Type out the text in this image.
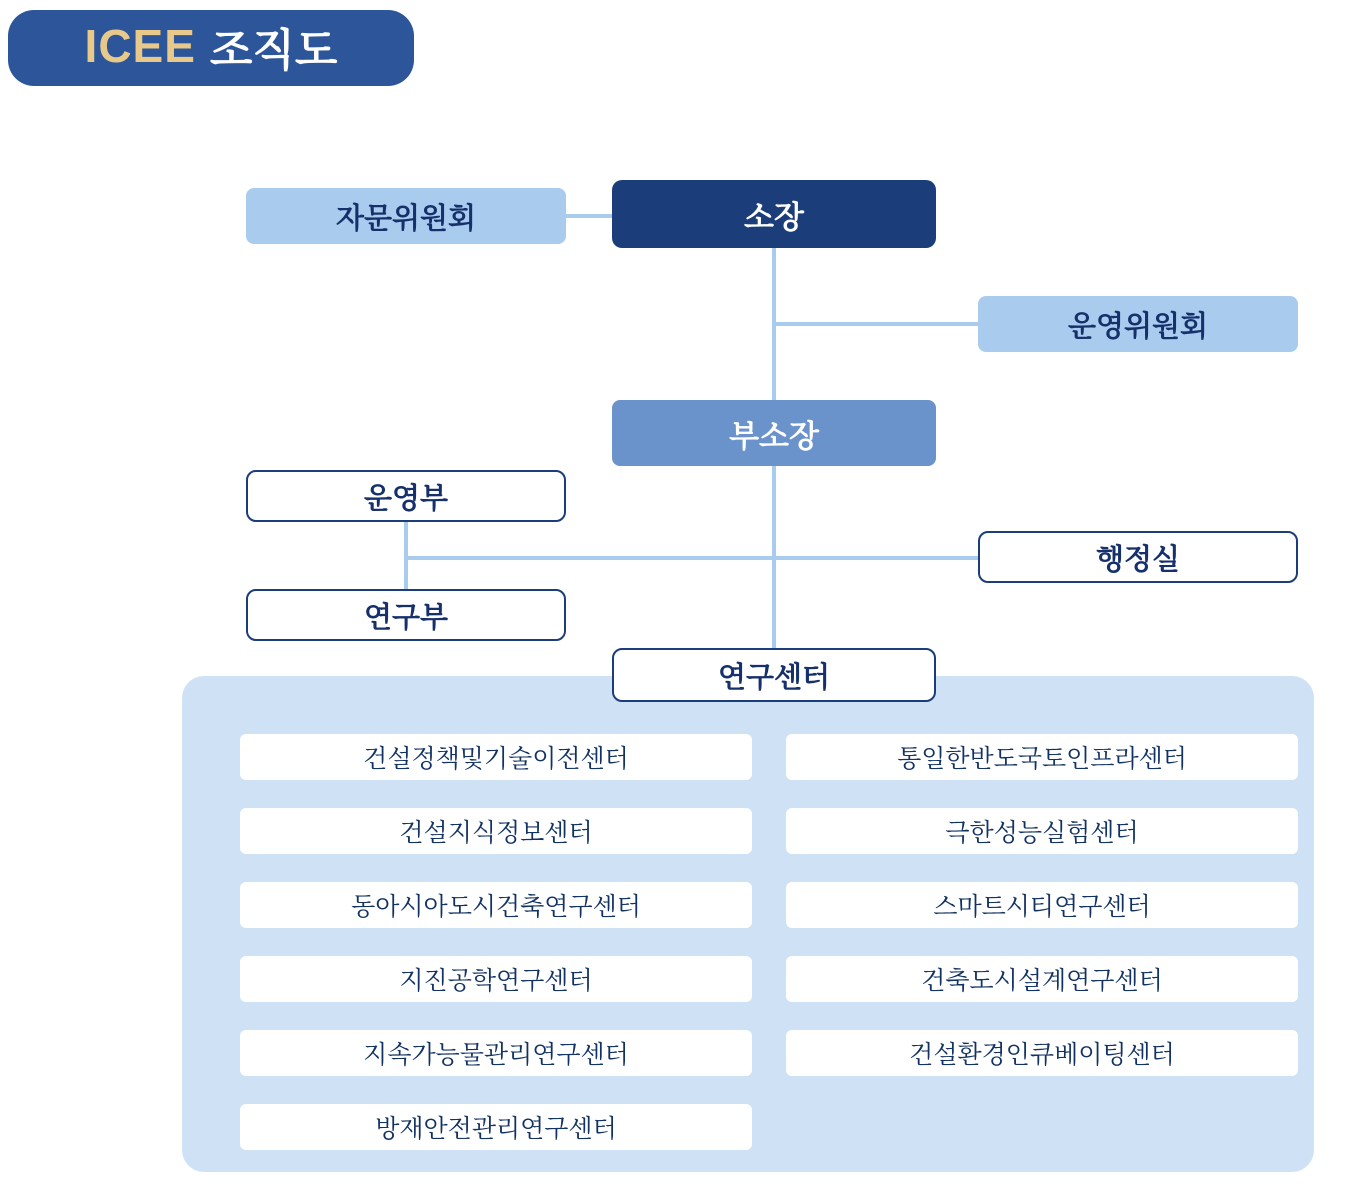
ICEE 조직도
자문위원회	소장
운영위원회
부소장
운영부
연구부
행정실
연구센터
건설정책및기술이전센터
건설지식정보센터
동아시아도시건축연구센터
지진공학연구센터
지속가능물관리연구센터
방재안전관리연구센터
통일한반도국토인프라센터
극한성능실험센터
스마트시티연구센터
건축도시설계연구센터
건설환경인큐베이팅센터
